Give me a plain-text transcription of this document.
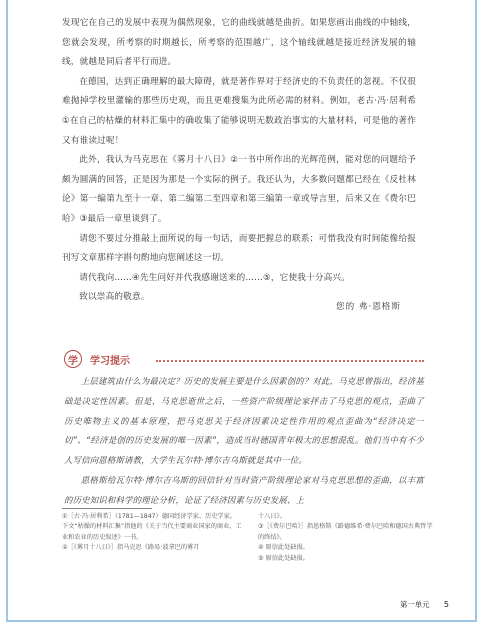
发现它在自己的发展中表现为偶然现象，它的曲线就越是曲折。如果您画出曲线的中轴线，您就会发现，所考察的时期越长，所考察的范围越广，这个轴线就越是接近经济发展的轴线，就越是同后者平行而进。

在德国，达到正确理解的最大障碍，就是著作界对于经济史的不负责任的忽视。不仅很难抛掉学校里灌输的那些历史观，而且更难搜集为此所必需的材料。例如，老古·冯·居利希①在自己的枯燥的材料汇集中的确收集了能够说明无数政治事实的大量材料，可是他的著作又有谁读过呢！

此外，我认为马克思在《雾月十八日》②一书中所作出的光辉范例，能对您的问题给予颇为圆满的回答，正是因为那是一个实际的例子。我还认为，大多数问题都已经在《反杜林论》第一编第九至十一章、第二编第二至四章和第三编第一章或导言里，后来又在《费尔巴哈》③最后一章里谈到了。

请您不要过分推敲上面所说的每一句话，而要把握总的联系；可惜我没有时间能像给报刊写文章那样字斟句酌地向您阐述这一切。

请代我向……④先生问好并代我感谢送来的……⑤，它使我十分高兴。

致以崇高的敬意。

您的 弗·恩格斯
学	学习提示

上层建筑由什么为最决定？历史的发展主要是什么因素创的？对此，马克思曾指出，经济基础是决定性因素。但是，马克思逝世之后，一些资产阶级理论家抨击了马克思的观点，歪曲了历史唯物主义的基本原理，把马克思关于经济因素决定性作用的观点歪曲为“经济决定一切”、“经济是创的历史发展的唯一因素”，造成当时德国青年极大的思想混乱。他们当中有不少人写信向恩格斯请教，大学生瓦尔特·博尔吉乌斯就是其中一位。

恩格斯给瓦尔特·博尔吉乌斯的回信针对当时资产阶级理论家对马克思思想的歪曲，以丰富的历史知识和科学的理论分析，论证了经济因素与历史发展、上

①［古·冯·居利希］（1781—1847）德国经济学家、历史学家。下文“枯燥的材料汇集”指他的《关于当代主要商业国家的商业、工业和农业的历史叙述》一书。

②［《雾月十八日》］指马克思《路易·波拿巴的雾月

十八日》。

③［《费尔巴哈》］指恩格斯《路德维希·费尔巴哈和德国古典哲学的终结》。

④ 原信此处缺损。

⑤ 原信此处缺损。

第一单元 5
